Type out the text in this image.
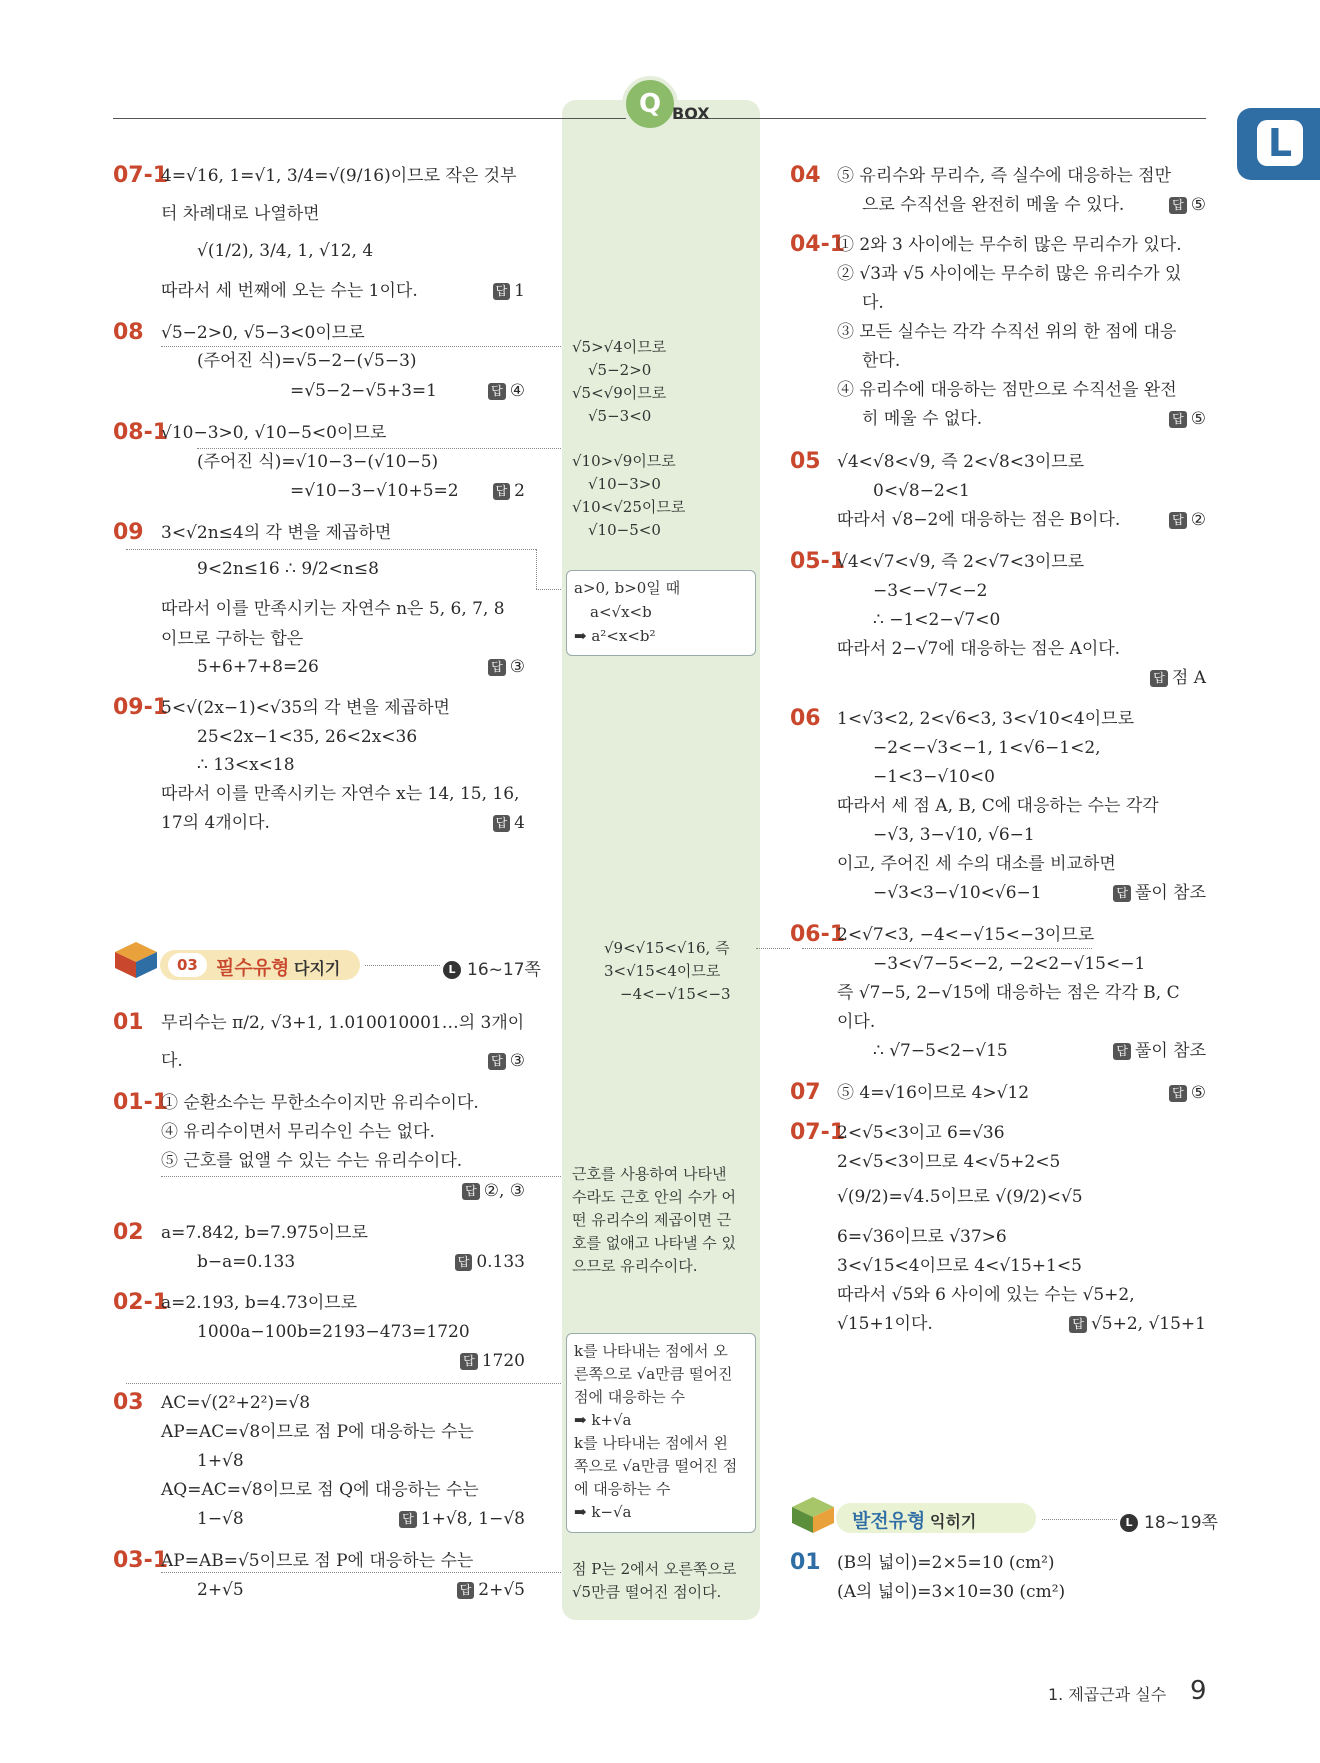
Q BOX
L
07-1
4=√16, 1=√1, 3/4=√(9/16)이므로 작은 것부
터 차례대로 나열하면
√(1/2), 3/4, 1, √12, 4
따라서 세 번째에 오는 수는 1이다.	답 1
08 √5−2>0, √5−3<0이므로
(주어진 식)=√5−2−(√5−3)
=√5−2−√5+3=1	답 ④
08-1
√10−3>0, √10−5<0이므로
(주어진 식)=√10−3−(√10−5)
=√10−3−√10+5=2	답 2
09 3<√2n≤4의 각 변을 제곱하면
9<2n≤16 ∴ 9/2<n≤8
따라서 이를 만족시키는 자연수 n은 5, 6, 7, 8
이므로 구하는 합은
5+6+7+8=26	답 ③
09-1
5<√(2x−1)<√35의 각 변을 제곱하면
25<2x−1<35, 26<2x<36
∴ 13<x<18
따라서 이를 만족시키는 자연수 x는 14, 15, 16,
17의 4개이다.	답 4
03 필수유형 다지기	L 16~17쪽
01 무리수는 π/2, √3+1, 1.010010001…의 3개이
다.	답 ③
01-1
① 순환소수는 무한소수이지만 유리수이다.
④ 유리수이면서 무리수인 수는 없다.
⑤ 근호를 없앨 수 있는 수는 유리수이다.
답 ②, ③
02 a=7.842, b=7.975이므로
b−a=0.133	답 0.133
02-1
a=2.193, b=4.73이므로
1000a−100b=2193−473=1720
답 1720
03 AC=√(2²+2²)=√8
AP=AC=√8이므로 점 P에 대응하는 수는
1+√8
AQ=AC=√8이므로 점 Q에 대응하는 수는
1−√8	답 1+√8, 1−√8
03-1
AP=AB=√5이므로 점 P에 대응하는 수는
2+√5	답 2+√5
√5>√4이므로
√5−2>0
√5<√9이므로
√5−3<0
√10>√9이므로
√10−3>0
√10<√25이므로
√10−5<0
a>0, b>0일 때
a<√x<b
➡ a²<x<b²
√9<√15<√16, 즉
3<√15<4이므로
−4<−√15<−3
근호를 사용하여 나타낸
수라도 근호 안의 수가 어
떤 유리수의 제곱이면 근
호를 없애고 나타낼 수 있
으므로 유리수이다.
k를 나타내는 점에서 오
른쪽으로 √a만큼 떨어진
점에 대응하는 수
➡ k+√a
k를 나타내는 점에서 왼
쪽으로 √a만큼 떨어진 점
에 대응하는 수
➡ k−√a
점 P는 2에서 오른쪽으로
√5만큼 떨어진 점이다.
04 ⑤ 유리수와 무리수, 즉 실수에 대응하는 점만
으로 수직선을 완전히 메울 수 있다.	답 ⑤
04-1
① 2와 3 사이에는 무수히 많은 무리수가 있다.
② √3과 √5 사이에는 무수히 많은 유리수가 있
다.
③ 모든 실수는 각각 수직선 위의 한 점에 대응
한다.
④ 유리수에 대응하는 점만으로 수직선을 완전
히 메울 수 없다.	답 ⑤
05 √4<√8<√9, 즉 2<√8<3이므로
0<√8−2<1
따라서 √8−2에 대응하는 점은 B이다.	답 ②
05-1
√4<√7<√9, 즉 2<√7<3이므로
−3<−√7<−2
∴ −1<2−√7<0
따라서 2−√7에 대응하는 점은 A이다.
답 점 A
06 1<√3<2, 2<√6<3, 3<√10<4이므로
−2<−√3<−1, 1<√6−1<2,
−1<3−√10<0
따라서 세 점 A, B, C에 대응하는 수는 각각
−√3, 3−√10, √6−1
이고, 주어진 세 수의 대소를 비교하면
−√3<3−√10<√6−1	답 풀이 참조
06-1
2<√7<3, −4<−√15<−3이므로
−3<√7−5<−2, −2<2−√15<−1
즉 √7−5, 2−√15에 대응하는 점은 각각 B, C
이다.
∴ √7−5<2−√15	답 풀이 참조
07 ⑤ 4=√16이므로 4>√12	답 ⑤
07-1
2<√5<3이고 6=√36
2<√5<3이므로 4<√5+2<5
√(9/2)=√4.5이므로 √(9/2)<√5
6=√36이므로 √37>6
3<√15<4이므로 4<√15+1<5
따라서 √5와 6 사이에 있는 수는 √5+2,
√15+1이다.	답 √5+2, √15+1
발전유형 익히기	L 18~19쪽
01 (B의 넓이)=2×5=10 (cm²)
(A의 넓이)=3×10=30 (cm²)
1. 제곱근과 실수 9
